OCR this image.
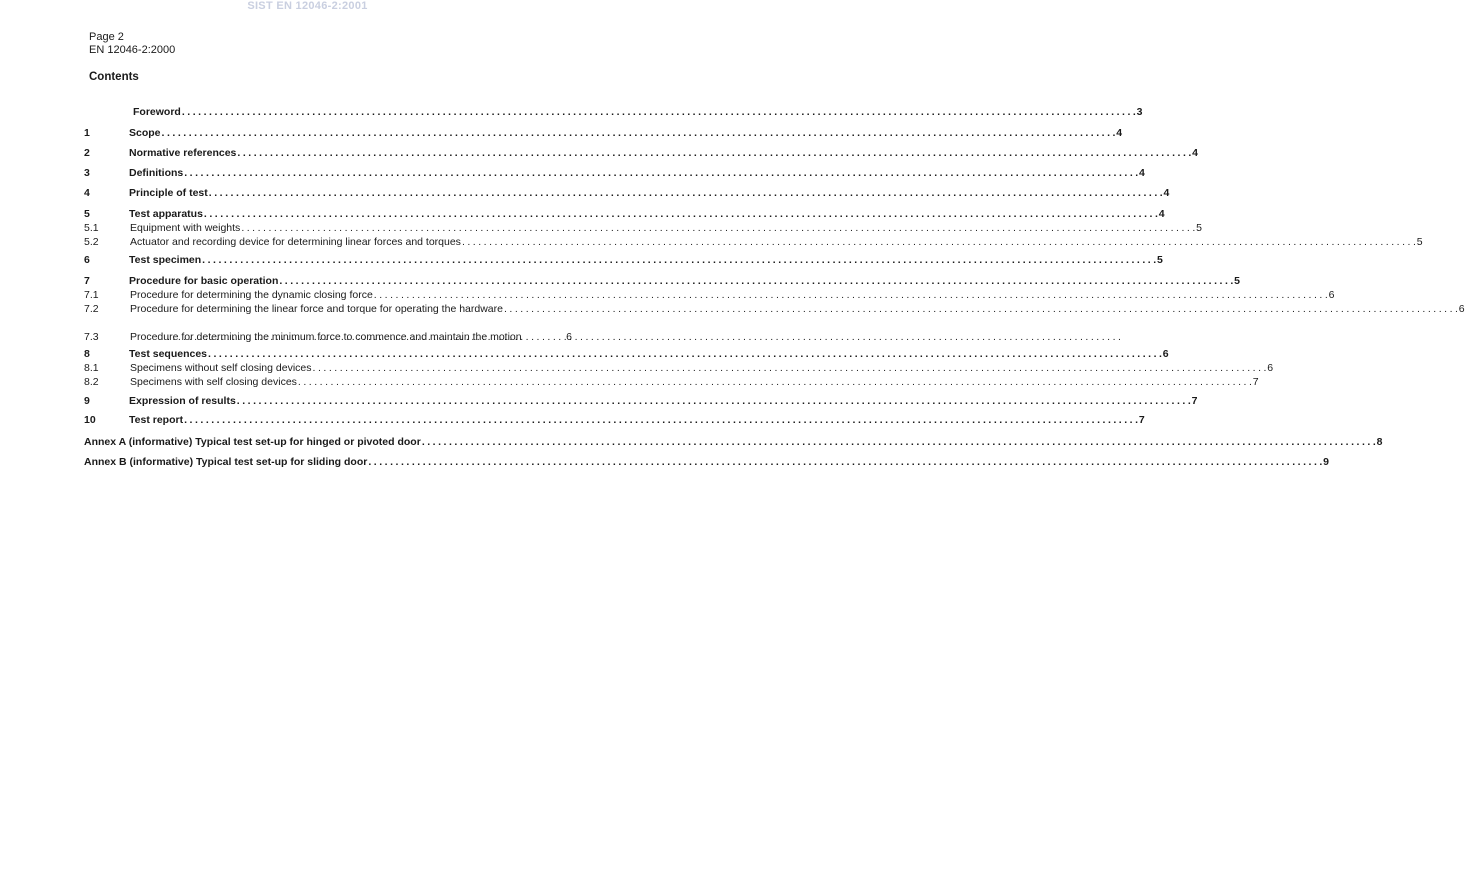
SIST EN 12046-2:2001
Page 2
EN 12046-2:2000
Contents
Foreword . . .	3
1	Scope . . .	4
2	Normative references . . .	4
3	Definitions . . .	4
4	Principle of test . . .	4
5	Test apparatus . . .	4
5.1	Equipment with weights . . .	5
5.2	Actuator and recording device for determining linear forces and torques . . .	5
6	Test specimen . . .	5
7	Procedure for basic operation . . .	5
7.1	Procedure for determining the dynamic closing force . . .	6
7.2	Procedure for determining the linear force and torque for operating the hardware . . .	6
7.3	Procedure for determining the minimum force to commence and maintain the motion . . .	6
8	Test sequences . . .	6
8.1	Specimens without self closing devices . . .	6
8.2	Specimens with self closing devices . . .	7
9	Expression of results . . .	7
10	Test report . . .	7
Annex A (informative) Typical test set-up for hinged or pivoted door . . .	8
Annex B (informative) Typical test set-up for sliding door . . .	9
